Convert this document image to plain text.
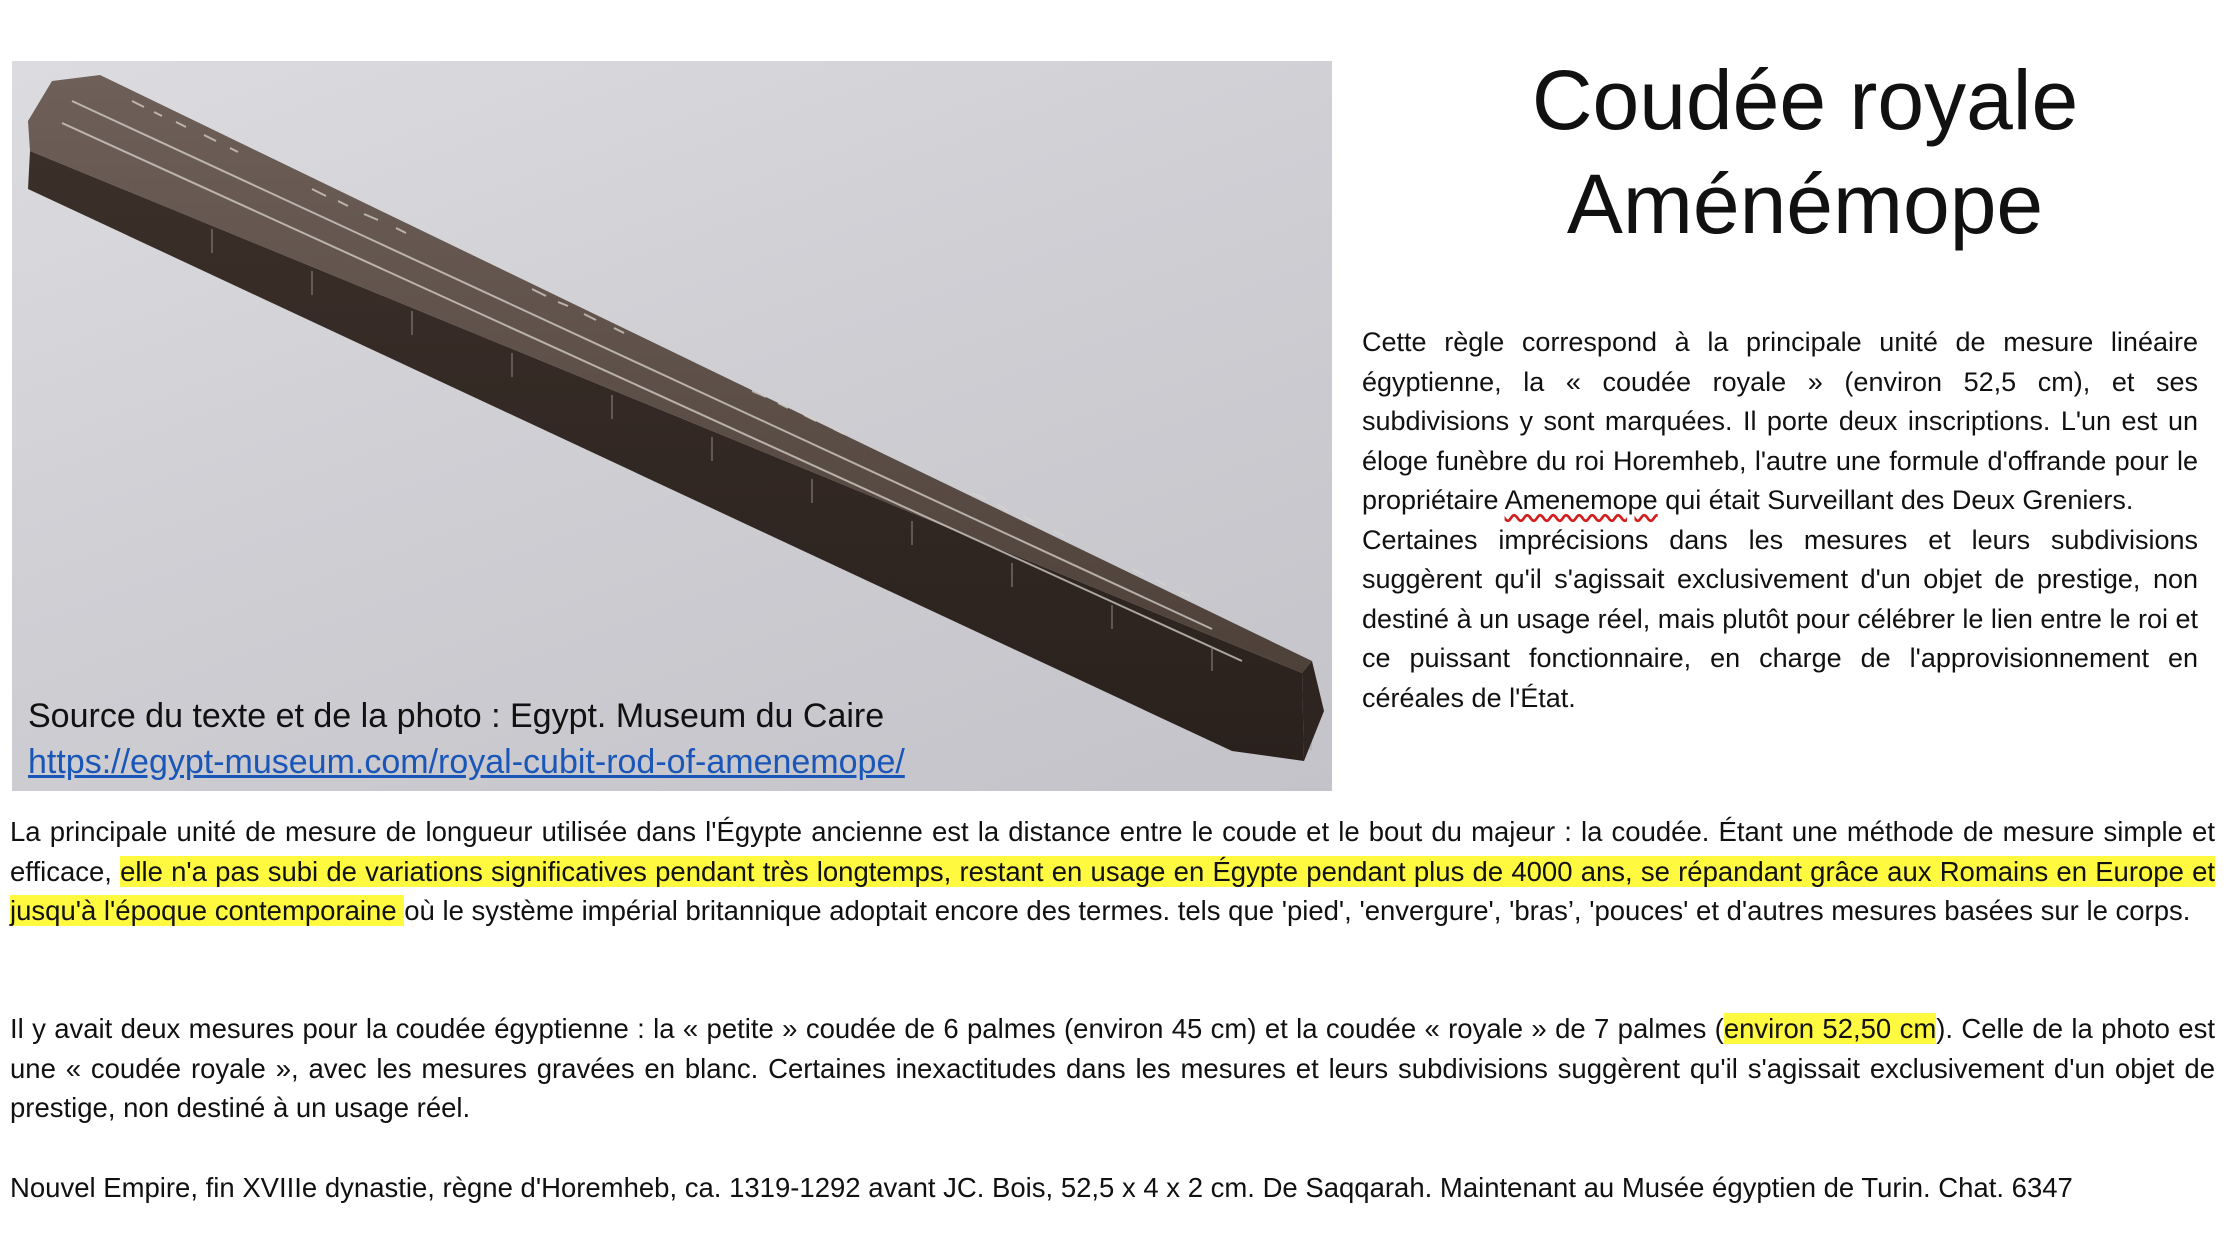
Source du texte et de la photo : Egypt. Museum du Caire
https://egypt-museum.com/royal-cubit-rod-of-amenemope/
Coudée royale
Aménémope

Cette règle correspond à la principale unité de mesure linéaire égyptienne, la « coudée royale » (environ 52,5 cm), et ses subdivisions y sont marquées. Il porte deux inscriptions. L'un est un éloge funèbre du roi Horemheb, l'autre une formule d'offrande pour le propriétaire Amenemope qui était Surveillant des Deux Greniers.

Certaines imprécisions dans les mesures et leurs subdivisions suggèrent qu'il s'agissait exclusivement d'un objet de prestige, non destiné à un usage réel, mais plutôt pour célébrer le lien entre le roi et ce puissant fonctionnaire, en charge de l'approvisionnement en céréales de l'État.

La principale unité de mesure de longueur utilisée dans l'Égypte ancienne est la distance entre le coude et le bout du majeur : la coudée. Étant une méthode de mesure simple et efficace, elle n'a pas subi de variations significatives pendant très longtemps, restant en usage en Égypte pendant plus de 4000 ans, se répandant grâce aux Romains en Europe et jusqu'à l'époque contemporaine où le système impérial britannique adoptait encore des termes. tels que 'pied', 'envergure', 'bras’, 'pouces' et d'autres mesures basées sur le corps.

Il y avait deux mesures pour la coudée égyptienne : la « petite » coudée de 6 palmes (environ 45 cm) et la coudée « royale » de 7 palmes (environ 52,50 cm). Celle de la photo est une « coudée royale », avec les mesures gravées en blanc. Certaines inexactitudes dans les mesures et leurs subdivisions suggèrent qu'il s'agissait exclusivement d'un objet de prestige, non destiné à un usage réel.

Nouvel Empire, fin XVIIIe dynastie, règne d'Horemheb, ca. 1319-1292 avant JC. Bois, 52,5 x 4 x 2 cm. De Saqqarah. Maintenant au Musée égyptien de Turin. Chat. 6347
